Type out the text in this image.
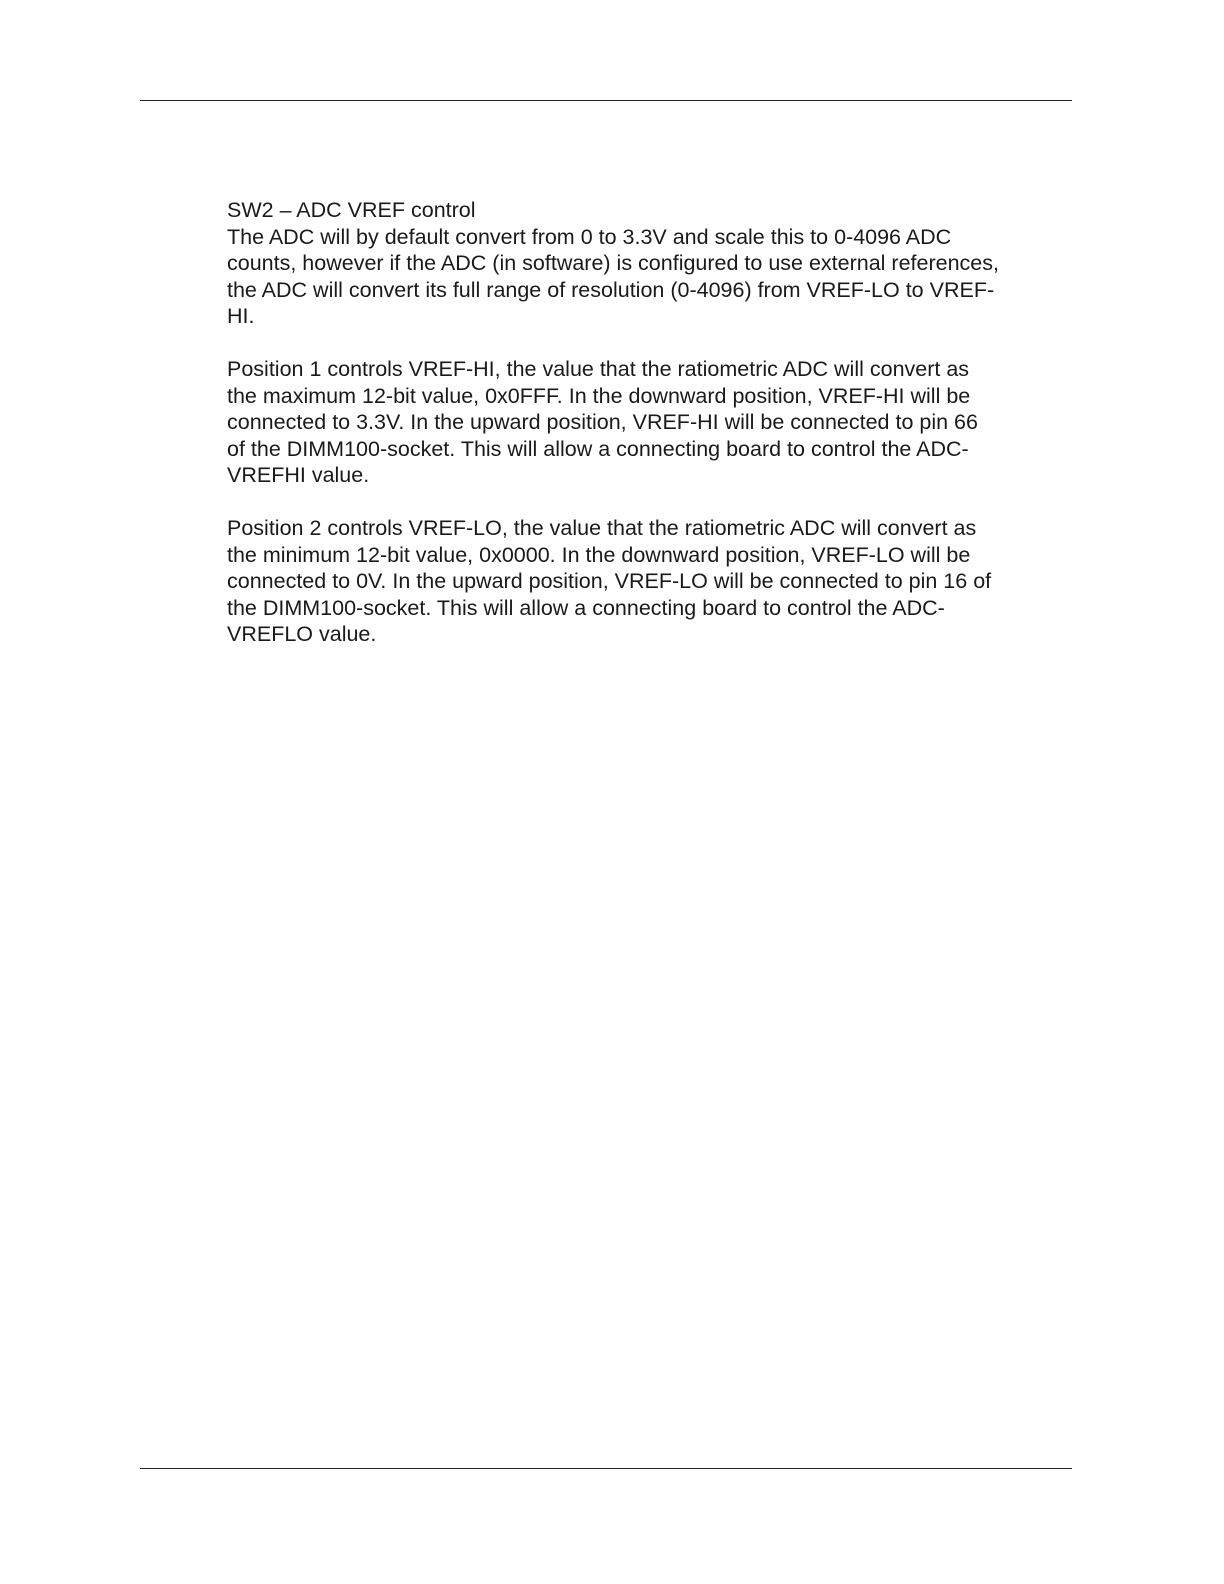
SW2 – ADC VREF control

The ADC will by default convert from 0 to 3.3V and scale this to 0-4096 ADC
counts, however if the ADC (in software) is configured to use external references,
the ADC will convert its full range of resolution (0-4096) from VREF-LO to VREF-
HI.

Position 1 controls VREF-HI, the value that the ratiometric ADC will convert as
the maximum 12-bit value, 0x0FFF. In the downward position, VREF-HI will be
connected to 3.3V. In the upward position, VREF-HI will be connected to pin 66
of the DIMM100-socket. This will allow a connecting board to control the ADC-
VREFHI value.

Position 2 controls VREF-LO, the value that the ratiometric ADC will convert as
the minimum 12-bit value, 0x0000. In the downward position, VREF-LO will be
connected to 0V. In the upward position, VREF-LO will be connected to pin 16 of
the DIMM100-socket. This will allow a connecting board to control the ADC-
VREFLO value.
